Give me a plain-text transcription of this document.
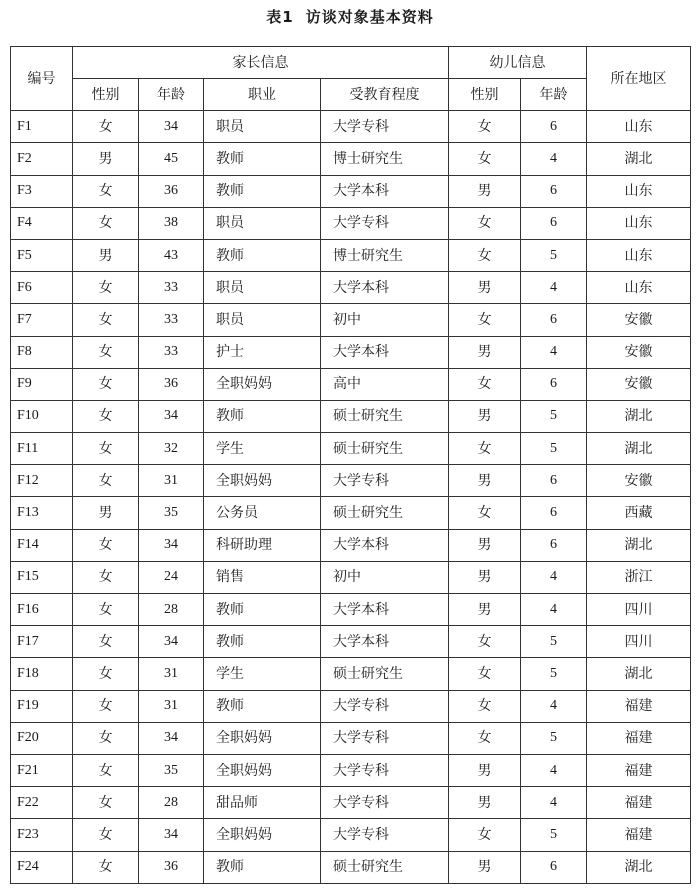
表1 访谈对象基本资料
编号	家长信息				幼儿信息		所在地区
	性别	年龄	职业	受教育程度	性别	年龄	
F1	女	34	职员	大学专科	女	6	山东
F2	男	45	教师	博士研究生	女	4	湖北
F3	女	36	教师	大学本科	男	6	山东
F4	女	38	职员	大学专科	女	6	山东
F5	男	43	教师	博士研究生	女	5	山东
F6	女	33	职员	大学本科	男	4	山东
F7	女	33	职员	初中	女	6	安徽
F8	女	33	护士	大学本科	男	4	安徽
F9	女	36	全职妈妈	高中	女	6	安徽
F10	女	34	教师	硕士研究生	男	5	湖北
F11	女	32	学生	硕士研究生	女	5	湖北
F12	女	31	全职妈妈	大学专科	男	6	安徽
F13	男	35	公务员	硕士研究生	女	6	西藏
F14	女	34	科研助理	大学本科	男	6	湖北
F15	女	24	销售	初中	男	4	浙江
F16	女	28	教师	大学本科	男	4	四川
F17	女	34	教师	大学本科	女	5	四川
F18	女	31	学生	硕士研究生	女	5	湖北
F19	女	31	教师	大学专科	女	4	福建
F20	女	34	全职妈妈	大学专科	女	5	福建
F21	女	35	全职妈妈	大学专科	男	4	福建
F22	女	28	甜品师	大学专科	男	4	福建
F23	女	34	全职妈妈	大学专科	女	5	福建
F24	女	36	教师	硕士研究生	男	6	湖北
